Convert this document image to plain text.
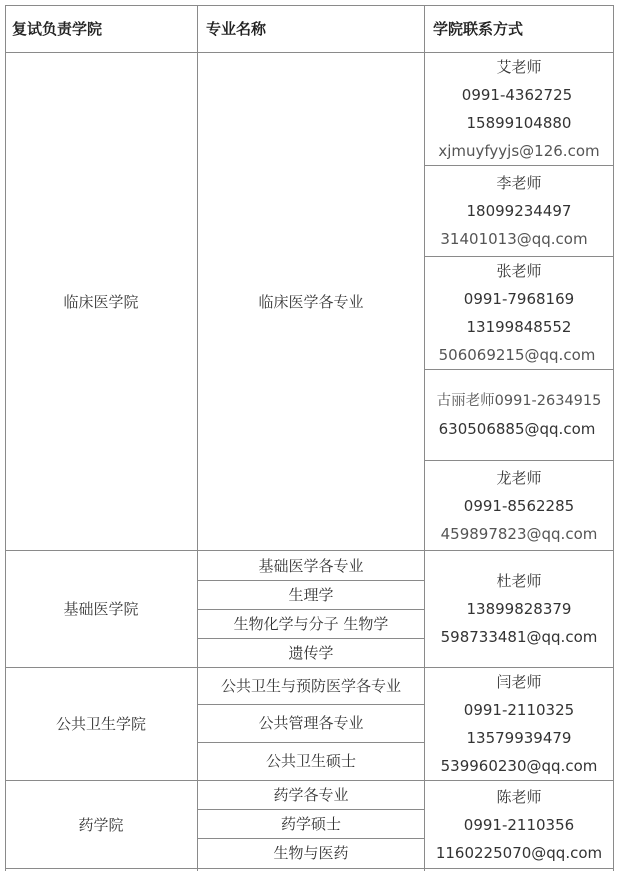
复试负责学院	专业名称	学院联系方式
临床医学院
基础医学院
公共卫生学院
药学院
临床医学各专业
基础医学各专业
生理学
生物化学与分子 生物学
遗传学
公共卫生与预防医学各专业
公共管理各专业
公共卫生硕士
药学各专业
药学硕士
生物与医药
艾老师
0991-4362725
15899104880
xjmuyfyyjs@126.com
李老师
18099234497
31401013@qq.com
张老师
0991-7968169
13199848552
506069215@qq.com
古丽老师0991-2634915
630506885@qq.com
龙老师
0991-8562285
459897823@qq.com
杜老师
13899828379
598733481@qq.com
闫老师
0991-2110325
13579939479
539960230@qq.com
陈老师
0991-2110356
1160225070@qq.com
